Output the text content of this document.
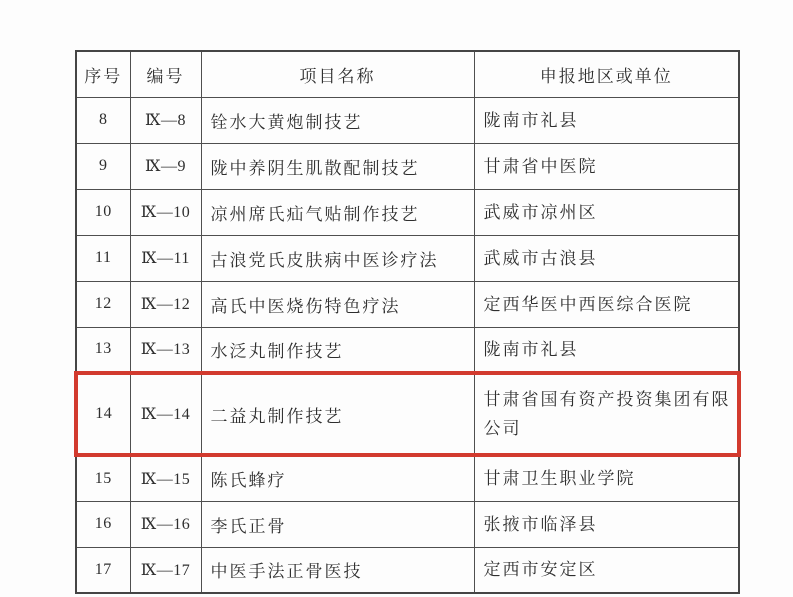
序号	编号	项目名称	申报地区或单位
8	Ⅸ—8	铨水大黄炮制技艺	陇南市礼县
9	Ⅸ—9	陇中养阴生肌散配制技艺	甘肃省中医院
10	Ⅸ—10	凉州席氏疝气贴制作技艺	武威市凉州区
11	Ⅸ—11	古浪党氏皮肤病中医诊疗法	武威市古浪县
12	Ⅸ—12	高氏中医烧伤特色疗法	定西华医中西医综合医院
13	Ⅸ—13	水泛丸制作技艺	陇南市礼县
14	Ⅸ—14	二益丸制作技艺	甘肃省国有资产投资集团有限公司
15	Ⅸ—15	陈氏蜂疗	甘肃卫生职业学院
16	Ⅸ—16	李氏正骨	张掖市临泽县
17	Ⅸ—17	中医手法正骨医技	定西市安定区
